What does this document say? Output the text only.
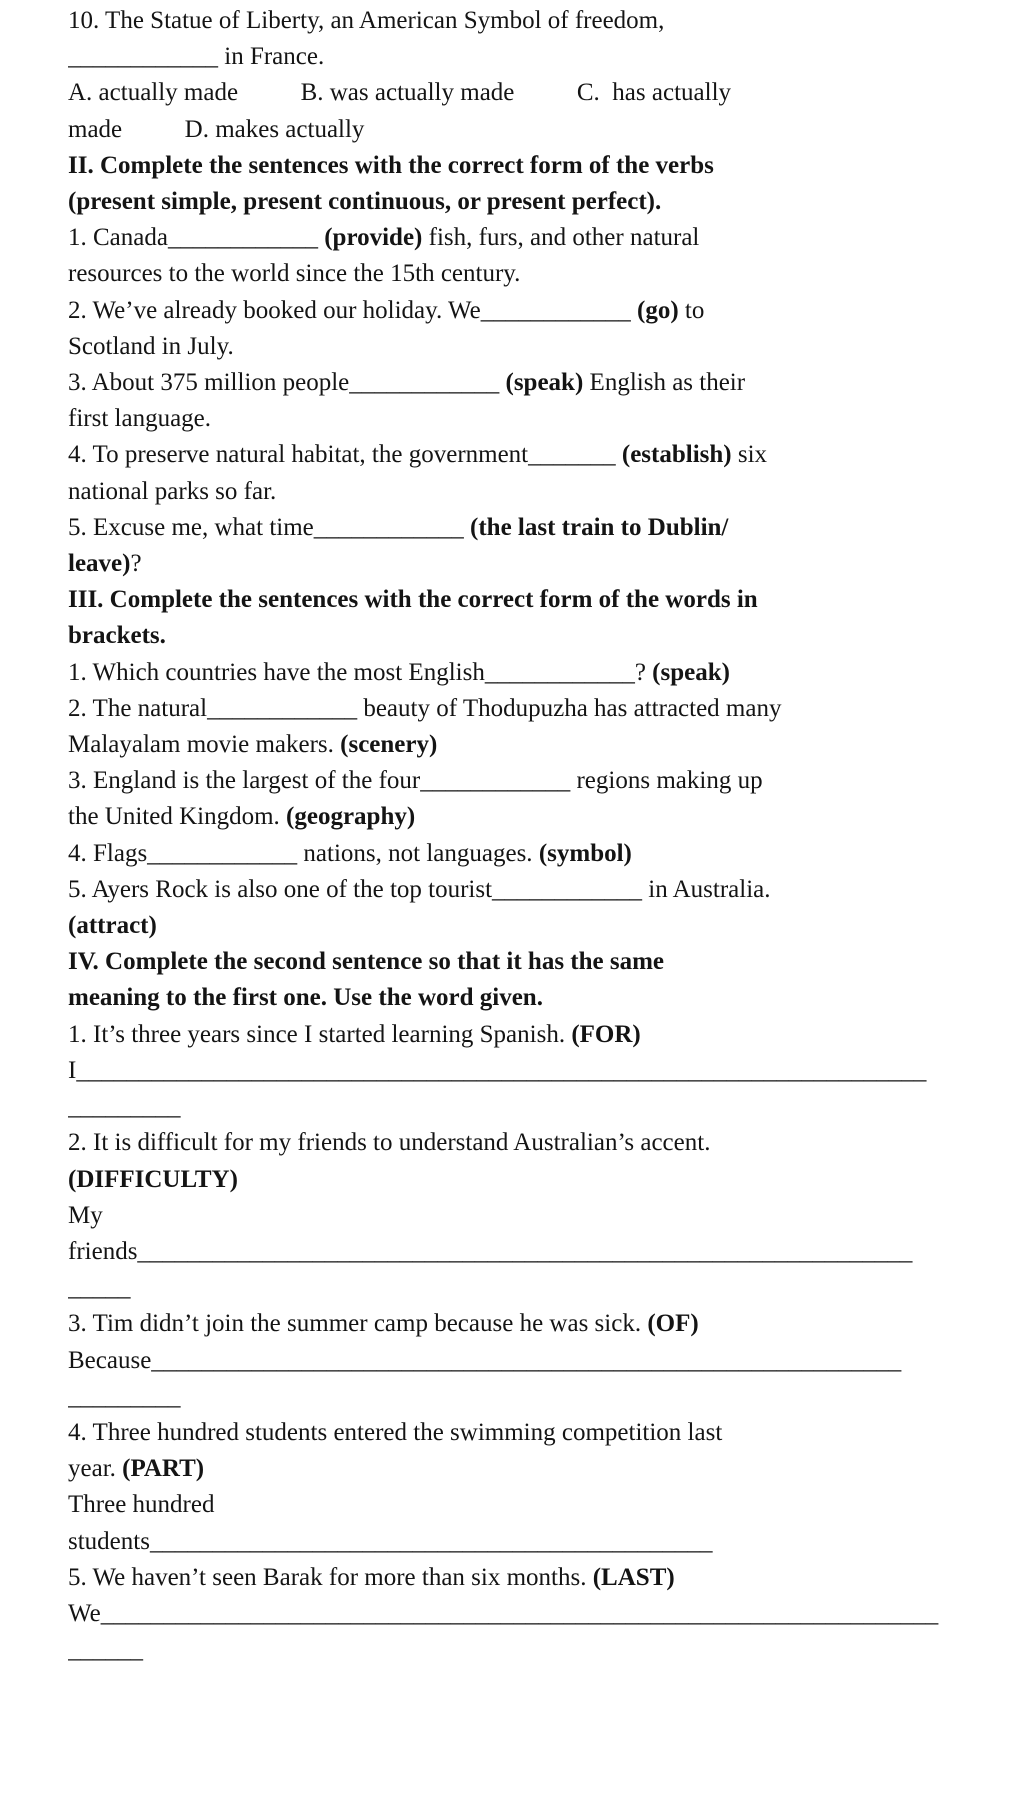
10. The Statue of Liberty, an American Symbol of freedom,
____________ in France.
A. actually made          B. was actually made          C.  has actually
made          D. makes actually
II. Complete the sentences with the correct form of the verbs
(present simple, present continuous, or present perfect).
1. Canada____________ (provide) fish, furs, and other natural
resources to the world since the 15th century.
2. We’ve already booked our holiday. We____________ (go) to
Scotland in July.
3. About 375 million people____________ (speak) English as their
first language.
4. To preserve natural habitat, the government_______ (establish) six
national parks so far.
5. Excuse me, what time____________ (the last train to Dublin/
leave)?
III. Complete the sentences with the correct form of the words in
brackets.
1. Which countries have the most English____________? (speak)
2. The natural____________ beauty of Thodupuzha has attracted many
Malayalam movie makers. (scenery)
3. England is the largest of the four____________ regions making up
the United Kingdom. (geography)
4. Flags____________ nations, not languages. (symbol)
5. Ayers Rock is also one of the top tourist____________ in Australia.
(attract)
IV. Complete the second sentence so that it has the same
meaning to the first one. Use the word given.
1. It’s three years since I started learning Spanish. (FOR)
I____________________________________________________________________
_________
2. It is difficult for my friends to understand Australian’s accent.
(DIFFICULTY)
My
friends______________________________________________________________
_____
3. Tim didn’t join the summer camp because he was sick. (OF)
Because____________________________________________________________
_________
4. Three hundred students entered the swimming competition last
year. (PART)
Three hundred
students_____________________________________________
5. We haven’t seen Barak for more than six months. (LAST)
We___________________________________________________________________
______
